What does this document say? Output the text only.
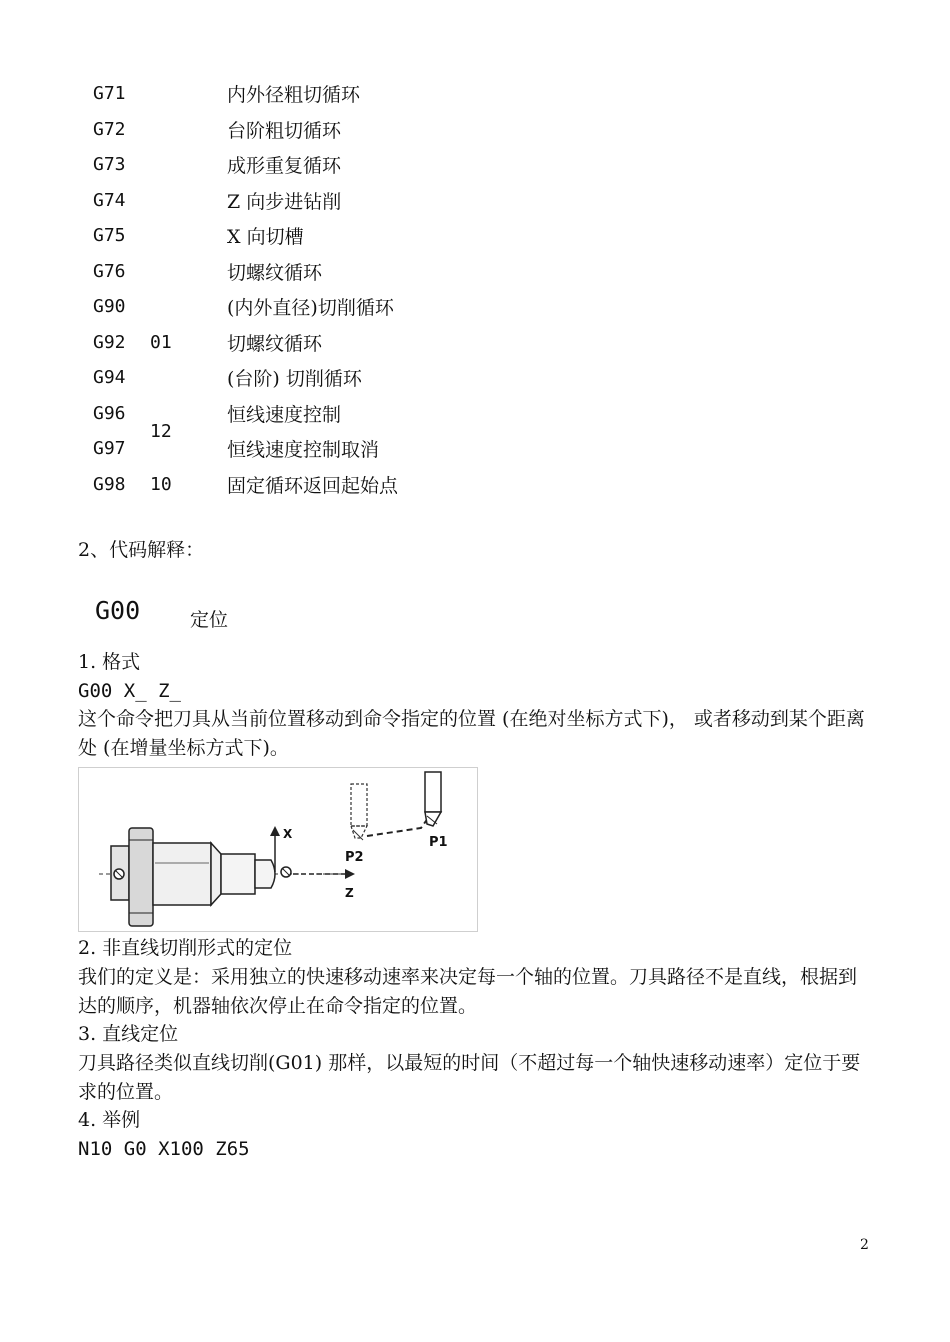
G71		内外径粗切循环
G72		台阶粗切循环
G73		成形重复循环
G74		Z 向步进钻削
G75		X 向切槽
G76		切螺纹循环
G90		(内外直径)切削循环
G92	01	切螺纹循环
G94		(台阶) 切削循环
G96	12	恒线速度控制
G97		恒线速度控制取消
G98	10	固定循环返回起始点
2、代码解释：
G00	定位

1. 格式

G00 X_ Z_

这个命令把刀具从当前位置移动到命令指定的位置 (在绝对坐标方式下)， 或者移动到某个距离处 (在增量坐标方式下)。

X
Z
P2
P1

2. 非直线切削形式的定位

我们的定义是：采用独立的快速移动速率来决定每一个轴的位置。刀具路径不是直线，根据到达的顺序，机器轴依次停止在命令指定的位置。

3. 直线定位

刀具路径类似直线切削(G01) 那样，以最短的时间（不超过每一个轴快速移动速率）定位于要求的位置。

4. 举例

N10 G0 X100 Z65

2
